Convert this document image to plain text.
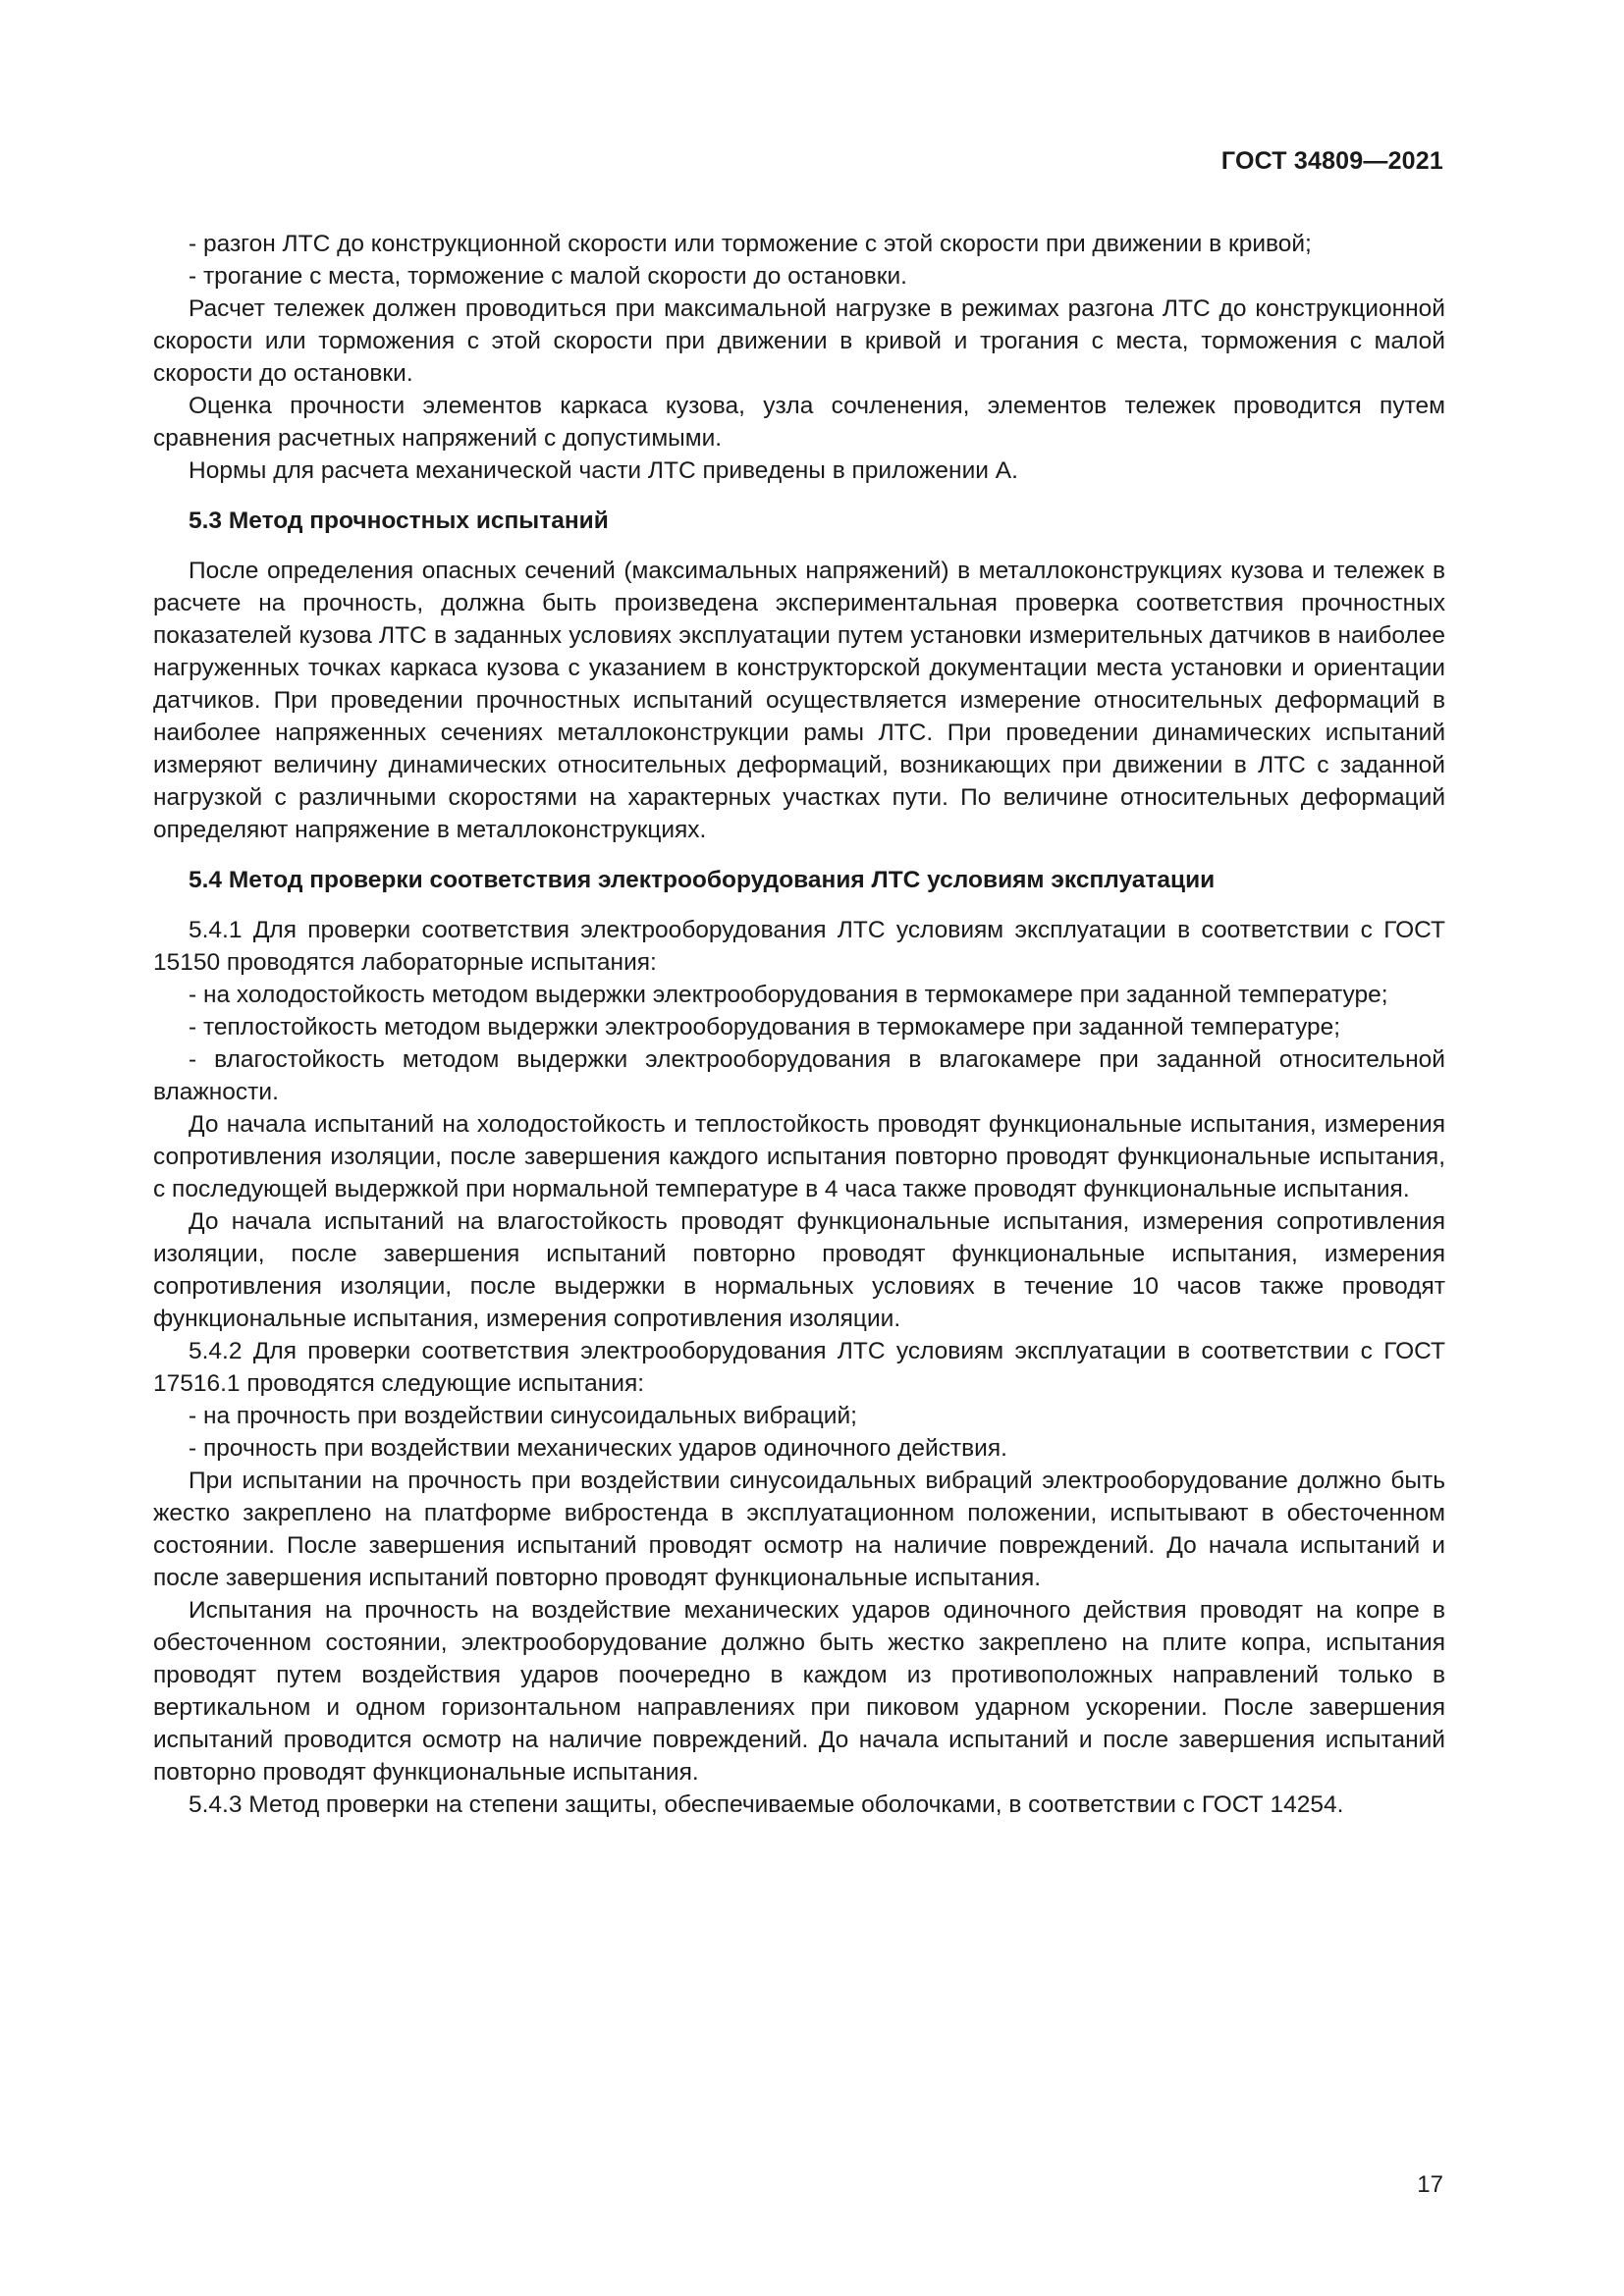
ГОСТ 34809—2021

- разгон ЛТС до конструкционной скорости или торможение с этой скорости при движении в кривой;

- трогание с места, торможение с малой скорости до остановки.

Расчет тележек должен проводиться при максимальной нагрузке в режимах разгона ЛТС до конструкционной скорости или торможения с этой скорости при движении в кривой и трогания с места, торможения с малой скорости до остановки.

Оценка прочности элементов каркаса кузова, узла сочленения, элементов тележек проводится путем сравнения расчетных напряжений с допустимыми.

Нормы для расчета механической части ЛТС приведены в приложении А.

5.3 Метод прочностных испытаний

После определения опасных сечений (максимальных напряжений) в металлоконструкциях кузова и тележек в расчете на прочность, должна быть произведена экспериментальная проверка соответствия прочностных показателей кузова ЛТС в заданных условиях эксплуатации путем установки измерительных датчиков в наиболее нагруженных точках каркаса кузова с указанием в конструкторской документации места установки и ориентации датчиков. При проведении прочностных испытаний осуществляется измерение относительных деформаций в наиболее напряженных сечениях металлоконструкции рамы ЛТС. При проведении динамических испытаний измеряют величину динамических относительных деформаций, возникающих при движении в ЛТС с заданной нагрузкой с различными скоростями на характерных участках пути. По величине относительных деформаций определяют напряжение в металлоконструкциях.

5.4 Метод проверки соответствия электрооборудования ЛТС условиям эксплуатации

5.4.1 Для проверки соответствия электрооборудования ЛТС условиям эксплуатации в соответствии с ГОСТ 15150 проводятся лабораторные испытания:

- на холодостойкость методом выдержки электрооборудования в термокамере при заданной температуре;

- теплостойкость методом выдержки электрооборудования в термокамере при заданной температуре;

- влагостойкость методом выдержки электрооборудования в влагокамере при заданной относительной влажности.

До начала испытаний на холодостойкость и теплостойкость проводят функциональные испытания, измерения сопротивления изоляции, после завершения каждого испытания повторно проводят функциональные испытания, с последующей выдержкой при нормальной температуре в 4 часа также проводят функциональные испытания.

До начала испытаний на влагостойкость проводят функциональные испытания, измерения сопротивления изоляции, после завершения испытаний повторно проводят функциональные испытания, измерения сопротивления изоляции, после выдержки в нормальных условиях в течение 10 часов также проводят функциональные испытания, измерения сопротивления изоляции.

5.4.2 Для проверки соответствия электрооборудования ЛТС условиям эксплуатации в соответствии с ГОСТ 17516.1 проводятся следующие испытания:

- на прочность при воздействии синусоидальных вибраций;

- прочность при воздействии механических ударов одиночного действия.

При испытании на прочность при воздействии синусоидальных вибраций электрооборудование должно быть жестко закреплено на платформе вибростенда в эксплуатационном положении, испытывают в обесточенном состоянии. После завершения испытаний проводят осмотр на наличие повреждений. До начала испытаний и после завершения испытаний повторно проводят функциональные испытания.

Испытания на прочность на воздействие механических ударов одиночного действия проводят на копре в обесточенном состоянии, электрооборудование должно быть жестко закреплено на плите копра, испытания проводят путем воздействия ударов поочередно в каждом из противоположных направлений только в вертикальном и одном горизонтальном направлениях при пиковом ударном ускорении. После завершения испытаний проводится осмотр на наличие повреждений. До начала испытаний и после завершения испытаний повторно проводят функциональные испытания.

5.4.3 Метод проверки на степени защиты, обеспечиваемые оболочками, в соответствии с ГОСТ 14254.

17
